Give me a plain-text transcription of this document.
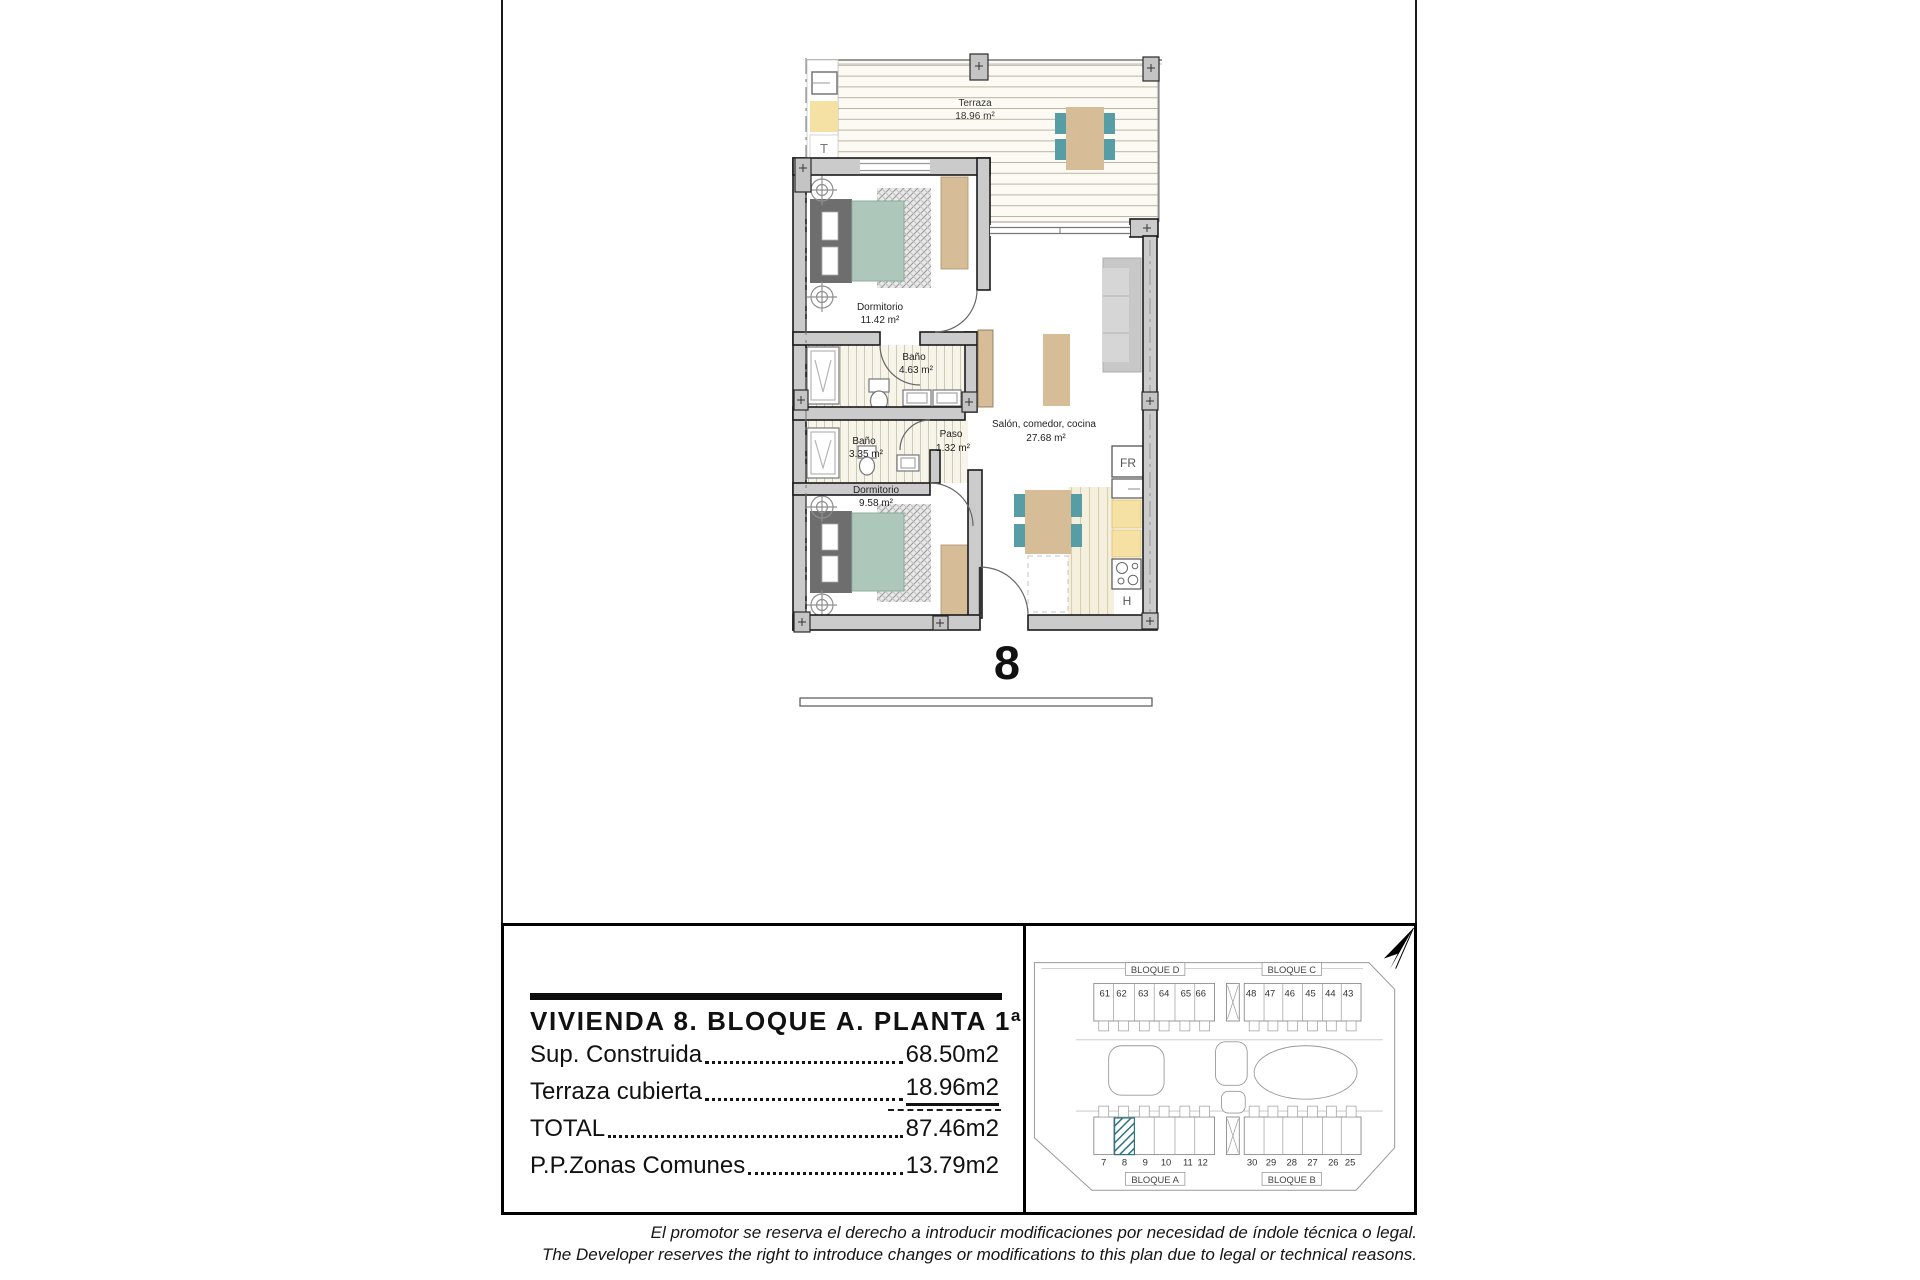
T
Terraza
18.96 m²
FR
H
Dormitorio
11.42 m²
Baño
4.63 m²
Baño
3.35 m²
Paso
1.32 m²
Dormitorio
9.58 m²
Salón, comedor, cocina
27.68 m²
8
VIVIENDA 8. BLOQUE A. PLANTA 1ª
Sup. Construida	68.50m2
Terraza cubierta	18.96m2
TOTAL	87.46m2
P.P.Zonas Comunes	13.79m2
BLOQUE D	BLOQUE C
BLOQUE A	BLOQUE B
61 62 63 64 65 66	48 47 46 45 44 43
7 8 9 10 11 12	30 29 28 27 26 25
El promotor se reserva el derecho a introducir modificaciones por necesidad de índole técnica o legal.
The Developer reserves the right to introduce changes or modifications to this plan due to legal or technical reasons.
